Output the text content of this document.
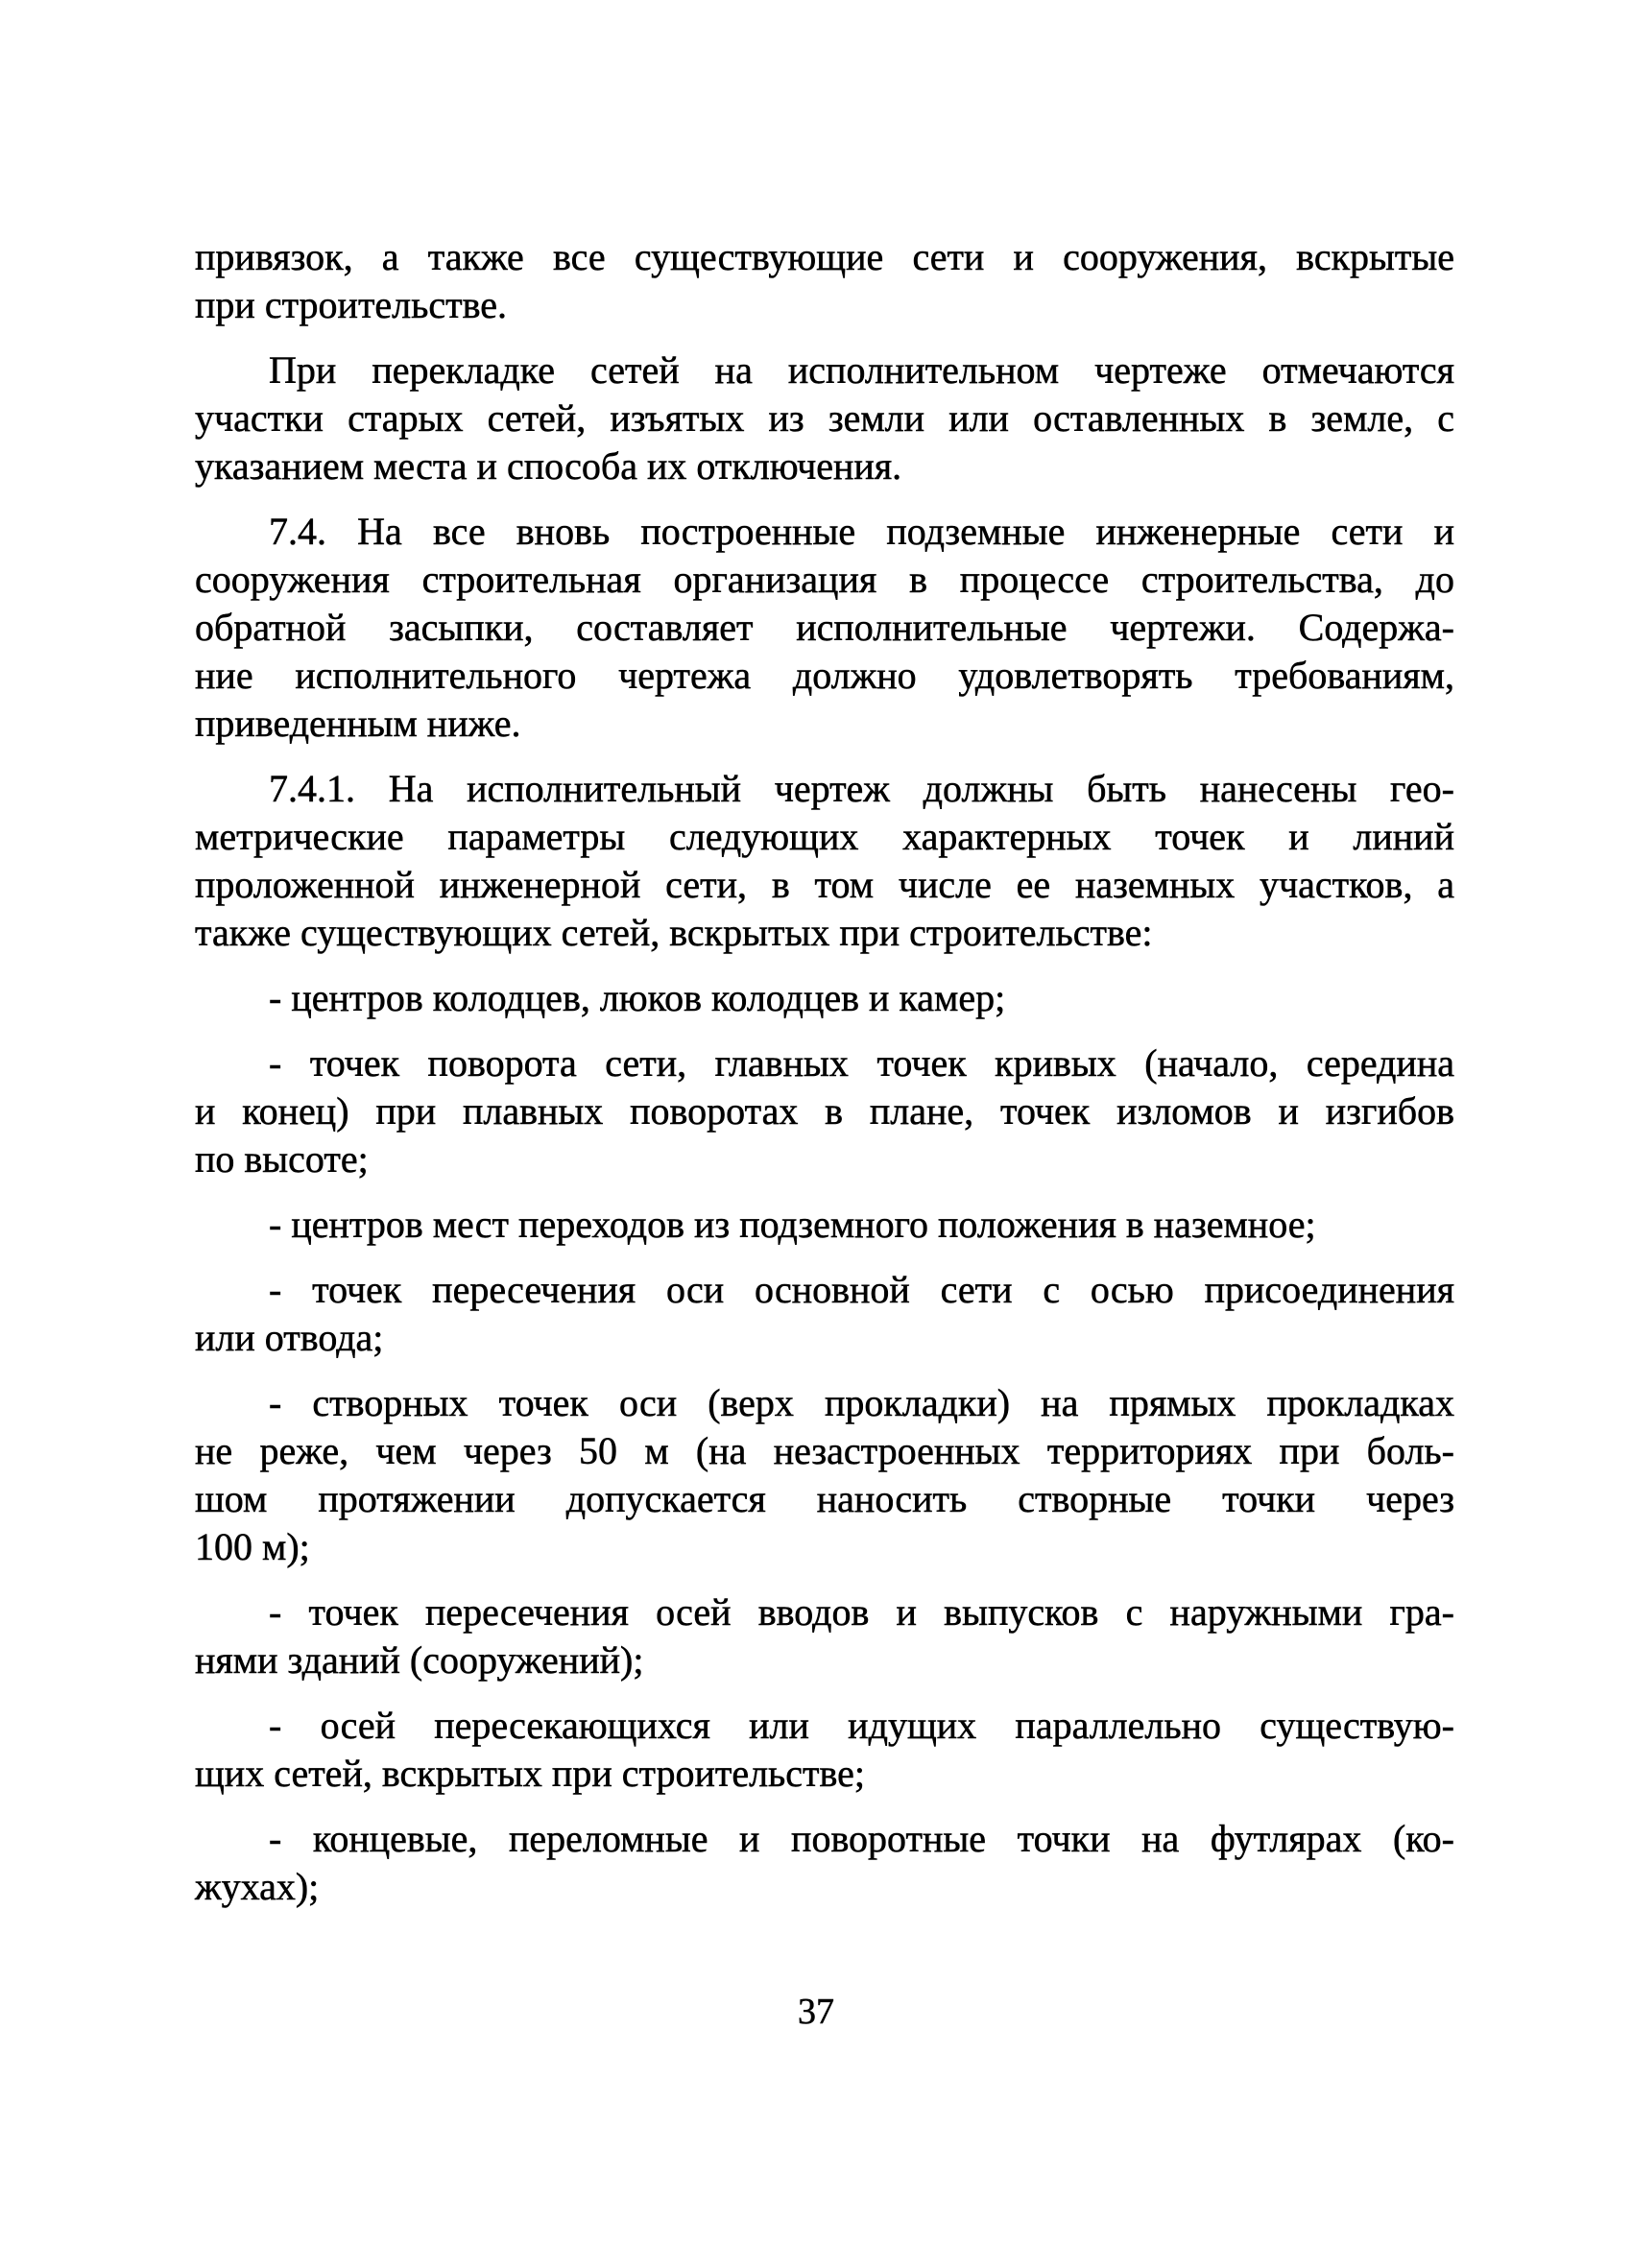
привязок, а также все существующие сети и сооружения, вскрытые
при строительстве.

При перекладке сетей на исполнительном чертеже отмечаются
участки старых сетей, изъятых из земли или оставленных в земле, с
указанием места и способа их отключения.

7.4. На все вновь построенные подземные инженерные сети и
сооружения строительная организация в процессе строительства, до
обратной засыпки, составляет исполнительные чертежи. Содержа-
ние исполнительного чертежа должно удовлетворять требованиям,
приведенным ниже.

7.4.1. На исполнительный чертеж должны быть нанесены гео-
метрические параметры следующих характерных точек и линий
проложенной инженерной сети, в том числе ее наземных участков, а
также существующих сетей, вскрытых при строительстве:

- центров колодцев, люков колодцев и камер;

- точек поворота сети, главных точек кривых (начало, середина
и конец) при плавных поворотах в плане, точек изломов и изгибов
по высоте;

- центров мест переходов из подземного положения в наземное;

- точек пересечения оси основной сети с осью присоединения
или отвода;

- створных точек оси (верх прокладки) на прямых прокладках
не реже, чем через 50 м (на незастроенных территориях при боль-
шом протяжении допускается наносить створные точки через
100 м);

- точек пересечения осей вводов и выпусков с наружными гра-
нями зданий (сооружений);

- осей пересекающихся или идущих параллельно существую-
щих сетей, вскрытых при строительстве;

- концевые, переломные и поворотные точки на футлярах (ко-
жухах);

37
